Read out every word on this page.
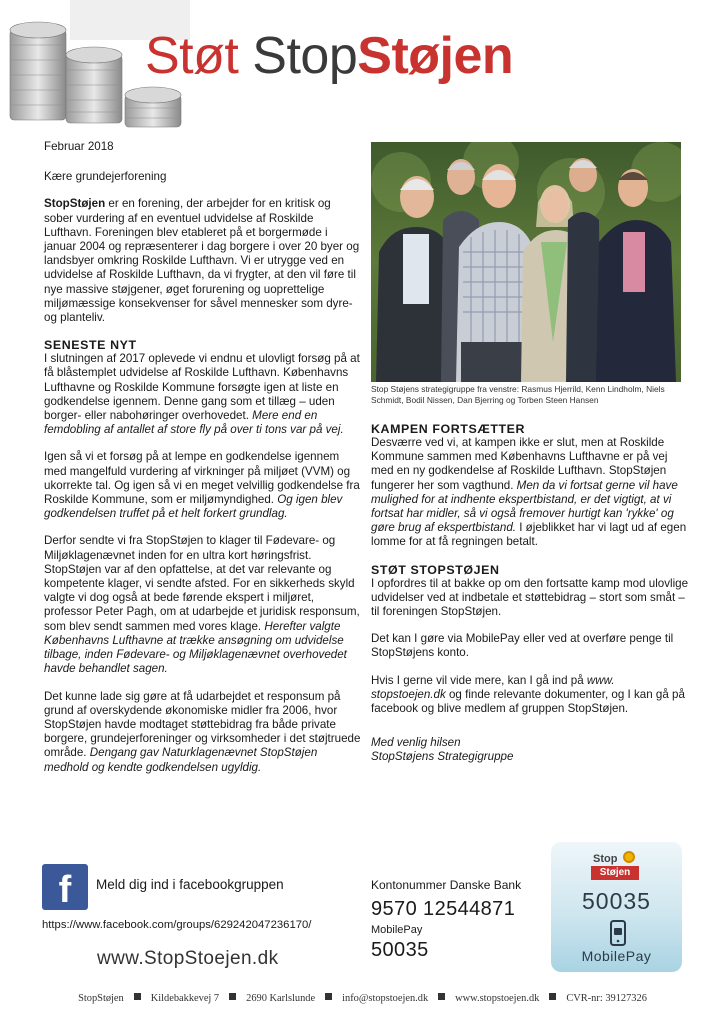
Støt StopStøjen

Februar 2018

Kære grundejerforening

StopStøjen er en forening, der arbejder for en kritisk og sober vurdering af en eventuel udvidelse af Roskilde Lufthavn. Foreningen blev etableret på et borgermøde i januar 2004 og repræsenterer i dag borgere i over 20 byer og landsbyer omkring Roskilde Lufthavn. Vi er utrygge ved en udvidelse af Roskilde Lufthavn, da vi frygter, at den vil føre til nye massive støjgener, øget forurening og uoprettelige miljømæssige konsekvenser for såvel mennesker som dyre- og planteliv.

SENESTE NYT

I slutningen af 2017 oplevede vi endnu et ulovligt forsøg på at få blåstemplet udvidelse af Roskilde Lufthavn. Københavns Lufthavne og Roskilde Kommune forsøgte igen at liste en godkendelse igennem. Denne gang som et tillæg – uden borger- eller nabohøringer overhovedet. Mere end en femdobling af antallet af store fly på over ti tons var på vej.

Igen så vi et forsøg på at lempe en godkendelse igennem med mangelfuld vurdering af virkninger på miljøet (VVM) og ukorrekte tal. Og igen så vi en meget velvillig godkendelse fra Roskilde Kommune, som er miljømyndighed. Og igen blev godkendelsen truffet på et helt forkert grundlag.

Derfor sendte vi fra StopStøjen to klager til Fødevare- og Miljøklagenævnet inden for en ultra kort høringsfrist. StopStøjen var af den opfattelse, at det var relevante og kompetente klager, vi sendte afsted. For en sikkerheds skyld valgte vi dog også at bede førende ekspert i miljøret, professor Peter Pagh, om at udarbejde et juridisk responsum, som blev sendt sammen med vores klage. Herefter valgte Københavns Lufthavne at trække ansøgning om udvidelse tilbage, inden Fødevare- og Miljøklagenævnet overhovedet havde behandlet sagen.

Det kunne lade sig gøre at få udarbejdet et responsum på grund af overskydende økonomiske midler fra 2006, hvor StopStøjen havde modtaget støttebidrag fra både private borgere, grundejerforeninger og virksomheder i det støjtruede område. Dengang gav Naturklagenævnet StopStøjen medhold og kendte godkendelsen ugyldig.

Stop Støjens strategigruppe fra venstre: Rasmus Hjerrild, Kenn Lindholm, Niels Schmidt, Bodil Nissen, Dan Bjerring og Torben Steen Hansen
KAMPEN FORTSÆTTER

Desværre ved vi, at kampen ikke er slut, men at Roskilde Kommune sammen med Københavns Lufthavne er på vej med en ny godkendelse af Roskilde Lufthavn. StopStøjen fungerer her som vagthund. Men da vi fortsat gerne vil have mulighed for at indhente ekspertbistand, er det vigtigt, at vi fortsat har midler, så vi også fremover hurtigt kan 'rykke' og gøre brug af ekspertbistand. I øjeblikket har vi lagt ud af egen lomme for at få regningen betalt.

STØT STOPSTØJEN

I opfordres til at bakke op om den fortsatte kamp mod ulovlige udvidelser ved at indbetale et støttebidrag – stort som småt – til foreningen StopStøjen.

Det kan I gøre via MobilePay eller ved at overføre penge til StopStøjens konto.

Hvis I gerne vil vide mere, kan I gå ind på www. stopstoejen.dk og finde relevante dokumenter, og I kan gå på facebook og blive medlem af gruppen StopStøjen.

Med venlig hilsen
StopStøjens Strategigruppe

f	Meld dig ind i facebookgruppen
https://www.facebook.com/groups/629242047236170/
www.StopStoejen.dk
Kontonummer Danske Bank
9570 12544871
MobilePay
50035
Stop
Støjen
50035
MobilePay
StopStøjen	Kildebakkevej 7	2690 Karlslunde	info@stopstoejen.dk	www.stopstoejen.dk	CVR-nr: 39127326
